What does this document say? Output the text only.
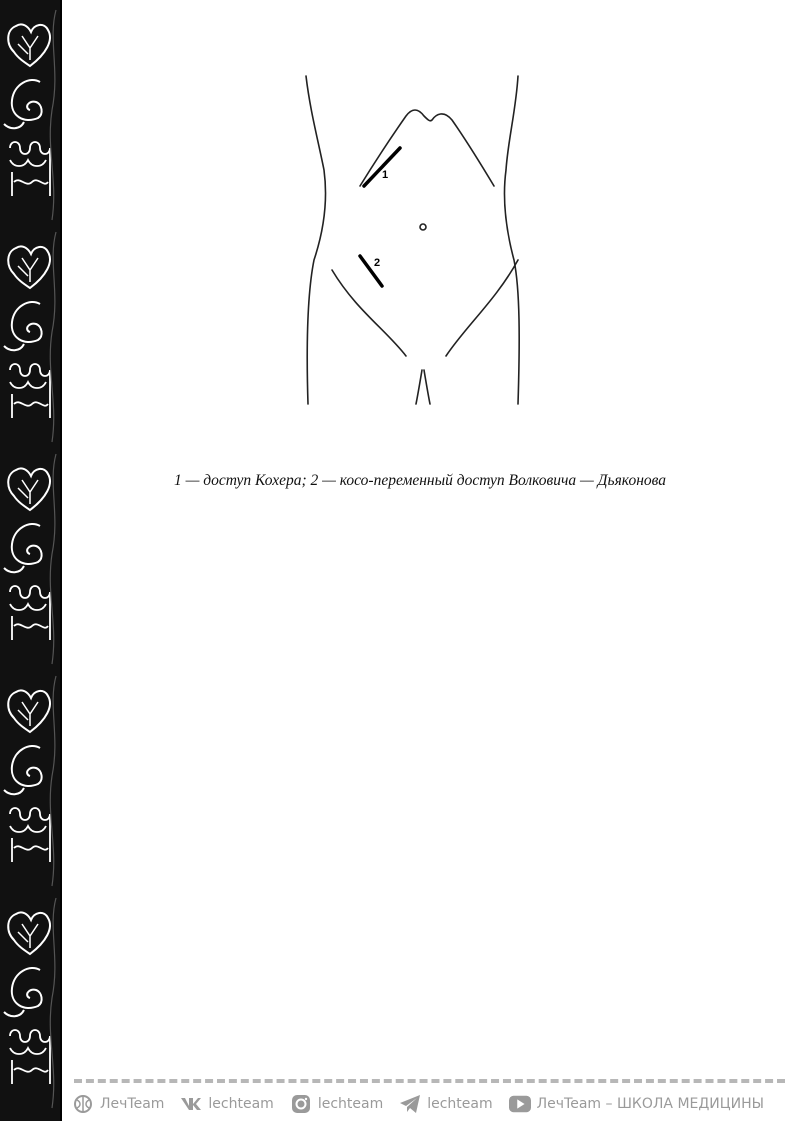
1
2
1 — доступ Кохера; 2 — косо-переменный доступ Волковича — Дьяконова
ЛечTeam	lechteam	lechteam	lechteam	ЛечTeam – ШКОЛА МЕДИЦИНЫ
